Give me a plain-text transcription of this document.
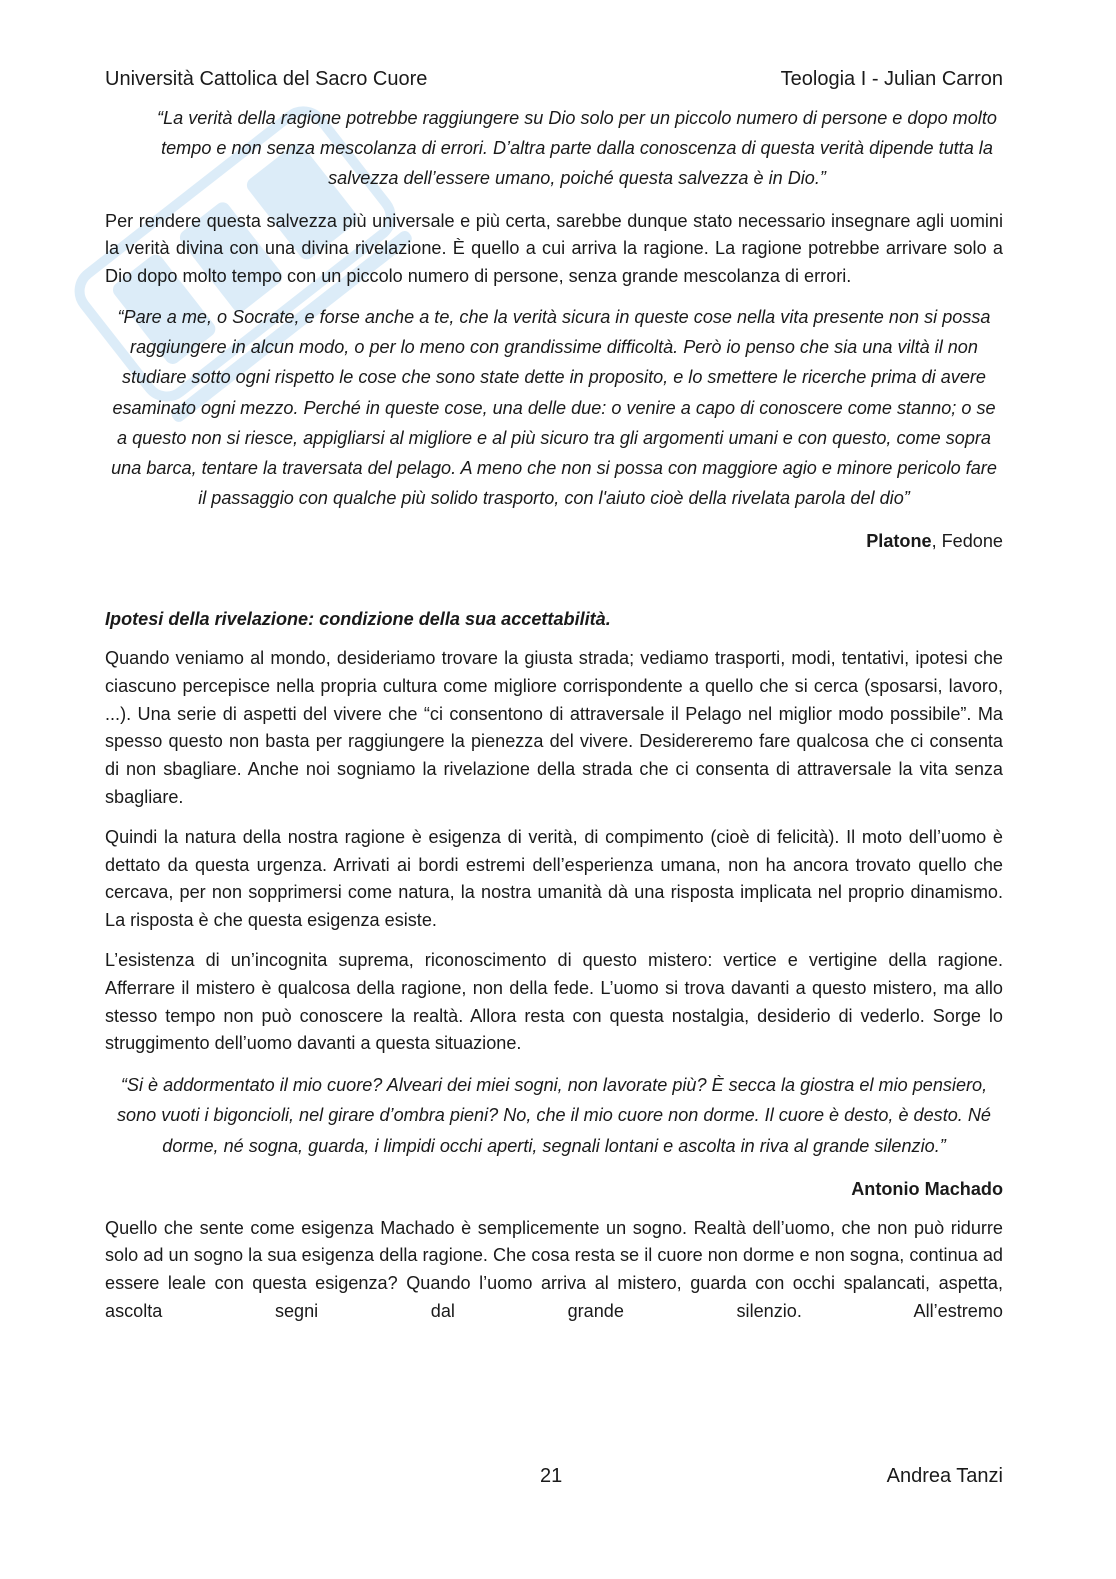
Università Cattolica del Sacro Cuore	Teologia I - Julian Carron

“La verità della ragione potrebbe raggiungere su Dio solo per un piccolo numero di persone e dopo molto tempo e non senza mescolanza di errori. D’altra parte dalla conoscenza di questa verità dipende tutta la salvezza dell’essere umano, poiché questa salvezza è in Dio.”

Per rendere questa salvezza più universale e più certa, sarebbe dunque stato necessario insegnare agli uomini la verità divina con una divina rivelazione. È quello a cui arriva la ragione. La ragione potrebbe arrivare solo a Dio dopo molto tempo con un piccolo numero di persone, senza grande mescolanza di errori.

“Pare a me, o Socrate, e forse anche a te, che la verità sicura in queste cose nella vita presente non si possa raggiungere in alcun modo, o per lo meno con grandissime difficoltà. Però io penso che sia una viltà il non studiare sotto ogni rispetto le cose che sono state dette in proposito, e lo smettere le ricerche prima di avere esaminato ogni mezzo. Perché in queste cose, una delle due: o venire a capo di conoscere come stanno; o se a questo non si riesce, appigliarsi al migliore e al più sicuro tra gli argomenti umani e con questo, come sopra una barca, tentare la traversata del pelago. A meno che non si possa con maggiore agio e minore pericolo fare il passaggio con qualche più solido trasporto, con l'aiuto cioè della rivelata parola del dio”

Platone, Fedone

Ipotesi della rivelazione: condizione della sua accettabilità.

Quando veniamo al mondo, desideriamo trovare la giusta strada; vediamo trasporti, modi, tentativi, ipotesi che ciascuno percepisce nella propria cultura come migliore corrispondente a quello che si cerca (sposarsi, lavoro, ...). Una serie di aspetti del vivere che “ci consentono di attraversale il Pelago nel miglior modo possibile”. Ma spesso questo non basta per raggiungere la pienezza del vivere. Desidereremo fare qualcosa che ci consenta di non sbagliare. Anche noi sogniamo la rivelazione della strada che ci consenta di attraversale la vita senza sbagliare.

Quindi la natura della nostra ragione è esigenza di verità, di compimento (cioè di felicità). Il moto dell’uomo è dettato da questa urgenza. Arrivati ai bordi estremi dell’esperienza umana, non ha ancora trovato quello che cercava, per non sopprimersi come natura, la nostra umanità dà una risposta implicata nel proprio dinamismo. La risposta è che questa esigenza esiste.

L’esistenza di un’incognita suprema, riconoscimento di questo mistero: vertice e vertigine della ragione. Afferrare il mistero è qualcosa della ragione, non della fede. L’uomo si trova davanti a questo mistero, ma allo stesso tempo non può conoscere la realtà. Allora resta con questa nostalgia, desiderio di vederlo. Sorge lo struggimento dell’uomo davanti a questa situazione.

“Si è addormentato il mio cuore? Alveari dei miei sogni, non lavorate più? È secca la giostra el mio pensiero, sono vuoti i bigoncioli, nel girare d’ombra pieni? No, che il mio cuore non dorme. Il cuore è desto, è desto. Né dorme, né sogna, guarda, i limpidi occhi aperti, segnali lontani e ascolta in riva al grande silenzio.”

Antonio Machado

Quello che sente come esigenza Machado è semplicemente un sogno. Realtà dell’uomo, che non può ridurre solo ad un sogno la sua esigenza della ragione. Che cosa resta se il cuore non dorme e non sogna, continua ad essere leale con questa esigenza? Quando l’uomo arriva al mistero, guarda con occhi spalancati, aspetta, ascolta segni dal grande silenzio. All’estremo

21	Andrea Tanzi
